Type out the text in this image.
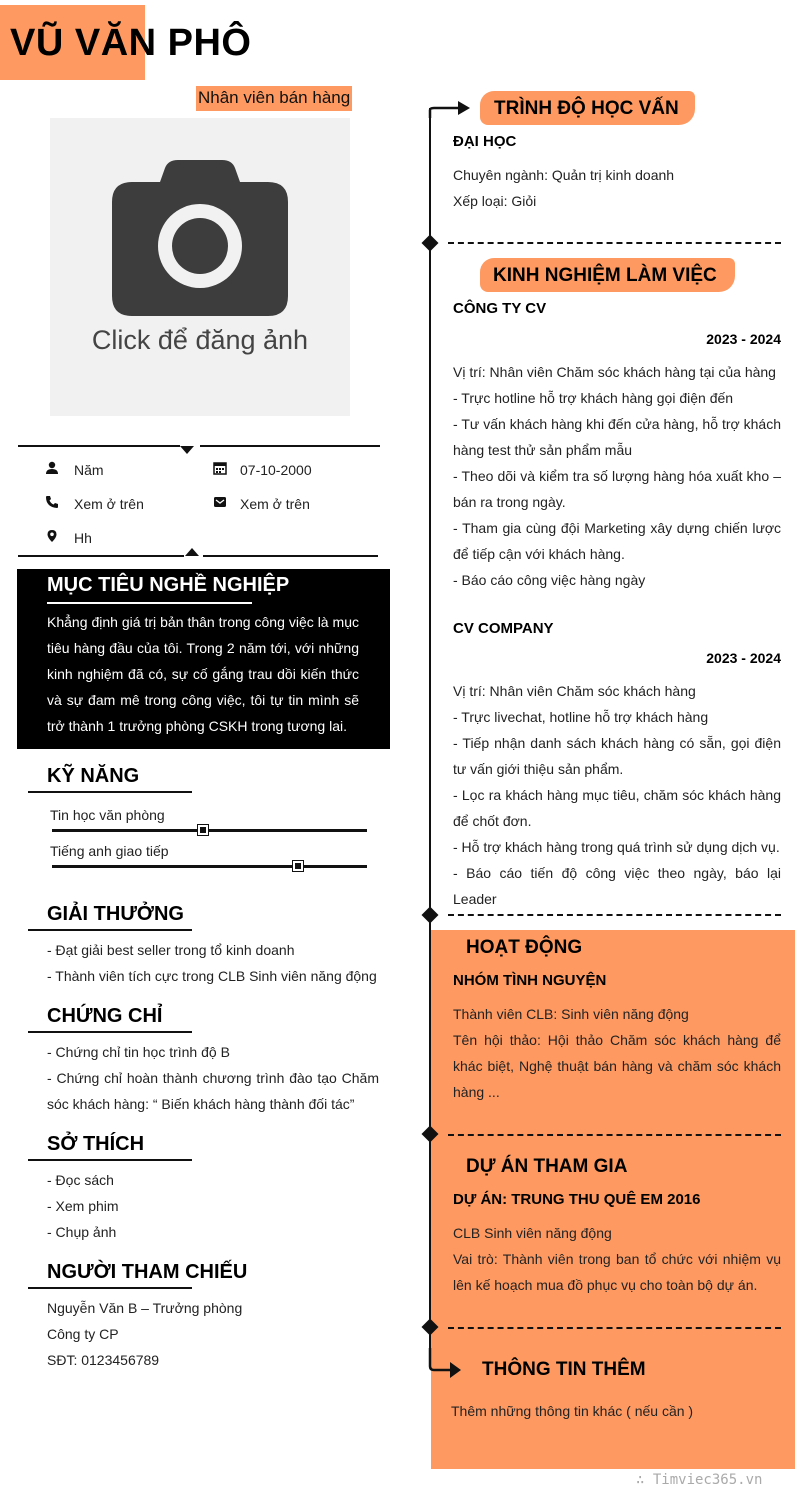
VŨ VĂN PHÔ
Nhân viên bán hàng
Click để đăng ảnh
Năm	07-10-2000
Xem ở trên	Xem ở trên
Hh
MỤC TIÊU NGHỀ NGHIỆP
Khẳng định giá trị bản thân trong công việc là mục tiêu hàng đầu của tôi. Trong 2 năm tới, với những kinh nghiệm đã có, sự cố gắng trau dồi kiến thức và sự đam mê trong công việc, tôi tự tin mình sẽ trở thành 1 trưởng phòng CSKH trong tương lai.
KỸ NĂNG
Tin học văn phòng
Tiếng anh giao tiếp
GIẢI THƯỞNG
- Đạt giải best seller trong tổ kinh doanh
- Thành viên tích cực trong CLB Sinh viên năng động
CHỨNG CHỈ
- Chứng chỉ tin học trình độ B
- Chứng chỉ hoàn thành chương trình đào tạo Chăm sóc khách hàng: “ Biến khách hàng thành đối tác”
SỞ THÍCH
- Đọc sách
- Xem phim
- Chụp ảnh
NGƯỜI THAM CHIẾU
Nguyễn Văn B – Trưởng phòng
Công ty CP
SĐT: 0123456789
TRÌNH ĐỘ HỌC VẤN
ĐẠI HỌC
Chuyên ngành: Quản trị kinh doanh
Xếp loại: Giỏi
KINH NGHIỆM LÀM VIỆC
CÔNG TY CV
2023 - 2024
Vị trí: Nhân viên Chăm sóc khách hàng tại của hàng
- Trực hotline hỗ trợ khách hàng gọi điện đến
- Tư vấn khách hàng khi đến cửa hàng, hỗ trợ khách hàng test thử sản phẩm mẫu
- Theo dõi và kiểm tra số lượng hàng hóa xuất kho – bán ra trong ngày.
- Tham gia cùng đội Marketing xây dựng chiến lược để tiếp cận với khách hàng.
- Báo cáo công việc hàng ngày
CV COMPANY
2023 - 2024
Vị trí: Nhân viên Chăm sóc khách hàng
- Trực livechat, hotline hỗ trợ khách hàng
- Tiếp nhận danh sách khách hàng có sẵn, gọi điện tư vấn giới thiệu sản phẩm.
- Lọc ra khách hàng mục tiêu, chăm sóc khách hàng để chốt đơn.
- Hỗ trợ khách hàng trong quá trình sử dụng dịch vụ.
- Báo cáo tiến độ công việc theo ngày, báo lại Leader
HOẠT ĐỘNG
NHÓM TÌNH NGUYỆN
Thành viên CLB: Sinh viên năng động
Tên hội thảo: Hội thảo Chăm sóc khách hàng để khác biệt, Nghệ thuật bán hàng và chăm sóc khách hàng ...
DỰ ÁN THAM GIA
DỰ ÁN: TRUNG THU QUÊ EM 2016
CLB Sinh viên năng động
Vai trò: Thành viên trong ban tổ chức với nhiệm vụ lên kế hoạch mua đồ phục vụ cho toàn bộ dự án.
THÔNG TIN THÊM
Thêm những thông tin khác ( nếu cần )
∴ Timviec365.vn
